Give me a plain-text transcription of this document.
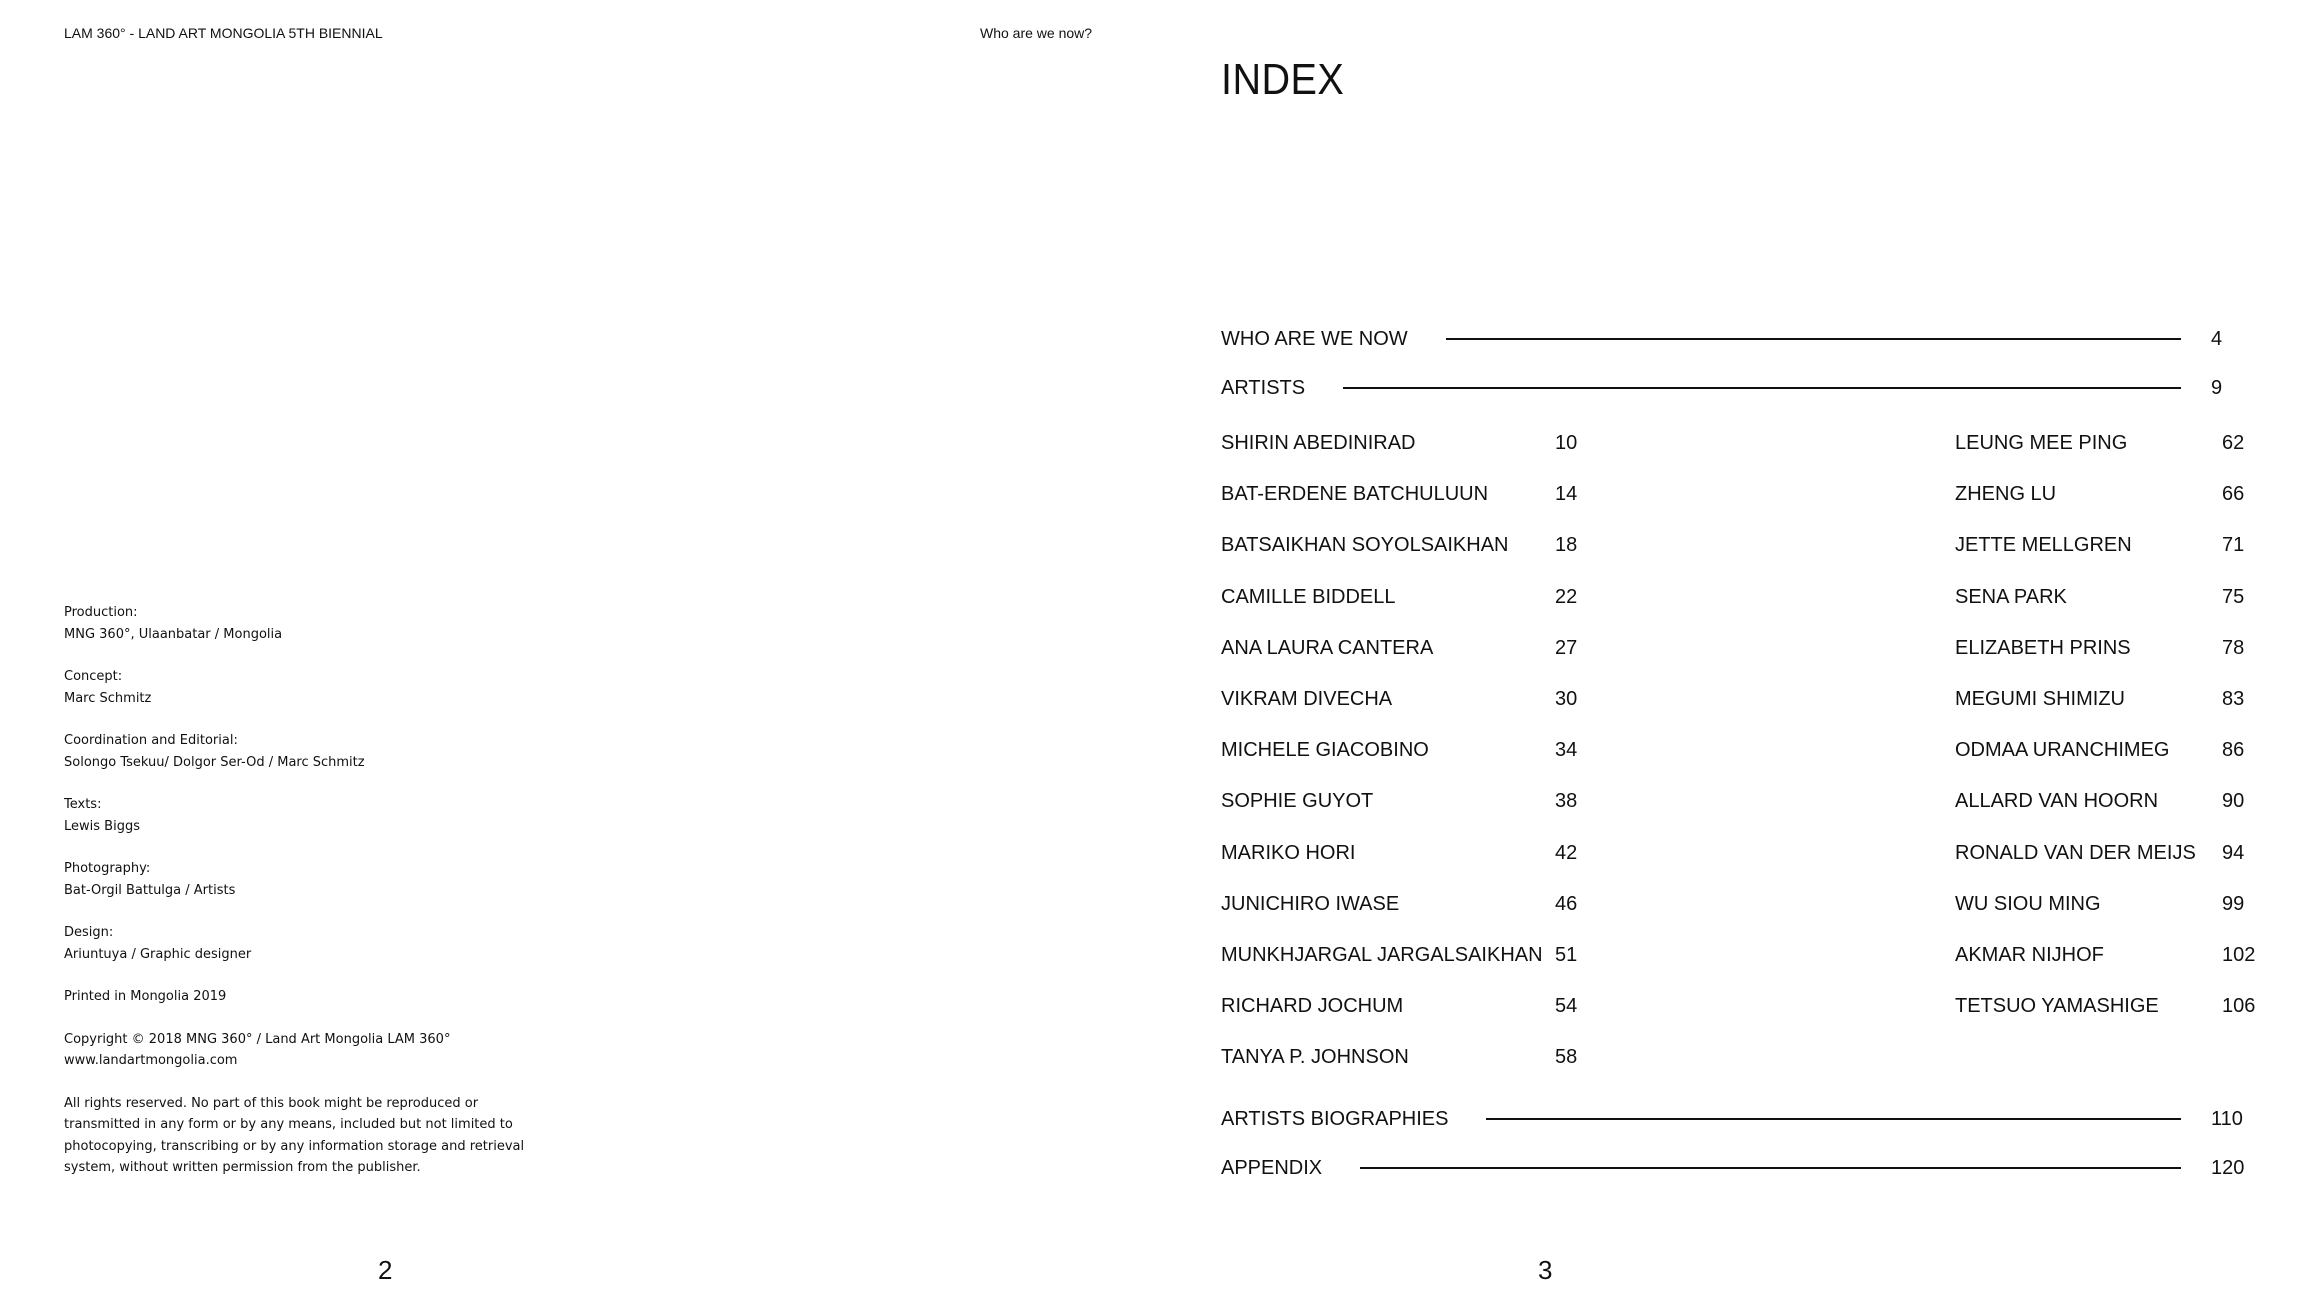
LAM 360° - LAND ART MONGOLIA 5TH BIENNIAL	Who are we now?

Production:

MNG 360°, Ulaanbatar / Mongolia

Concept:

Marc Schmitz

Coordination and Editorial:

Solongo Tsekuu/ Dolgor Ser-Od / Marc Schmitz

Texts:

Lewis Biggs

Photography:

Bat-Orgil Battulga / Artists

Design:

Ariuntuya / Graphic designer

Printed in Mongolia 2019

Copyright © 2018 MNG 360° / Land Art Mongolia LAM 360°

www.landartmongolia.com

All rights reserved. No part of this book might be reproduced or

transmitted in any form or by any means, included but not limited to

photocopying, transcribing or by any information storage and retrieval

system, without written permission from the publisher.

2	3
INDEX
WHO ARE WE NOW	4
ARTISTS	9
SHIRIN ABEDINIRAD	10
BAT-ERDENE BATCHULUUN	14
BATSAIKHAN SOYOLSAIKHAN 18
CAMILLE BIDDELL	22
ANA LAURA CANTERA	27
VIKRAM DIVECHA	30
MICHELE GIACOBINO	34
SOPHIE GUYOT	38
MARIKO HORI	42
JUNICHIRO IWASE	46
MUNKHJARGAL JARGALSAIKHAN 51
RICHARD JOCHUM	54
TANYA P. JOHNSON	58
LEUNG MEE PING	62
ZHENG LU	66
JETTE MELLGREN	71
SENA PARK	75
ELIZABETH PRINS	78
MEGUMI SHIMIZU	83
ODMAA URANCHIMEG	86
ALLARD VAN HOORN	90
RONALD VAN DER MEIJS 94
WU SIOU MING	99
AKMAR NIJHOF	102
TETSUO YAMASHIGE	106
ARTISTS BIOGRAPHIES	110
APPENDIX	120
